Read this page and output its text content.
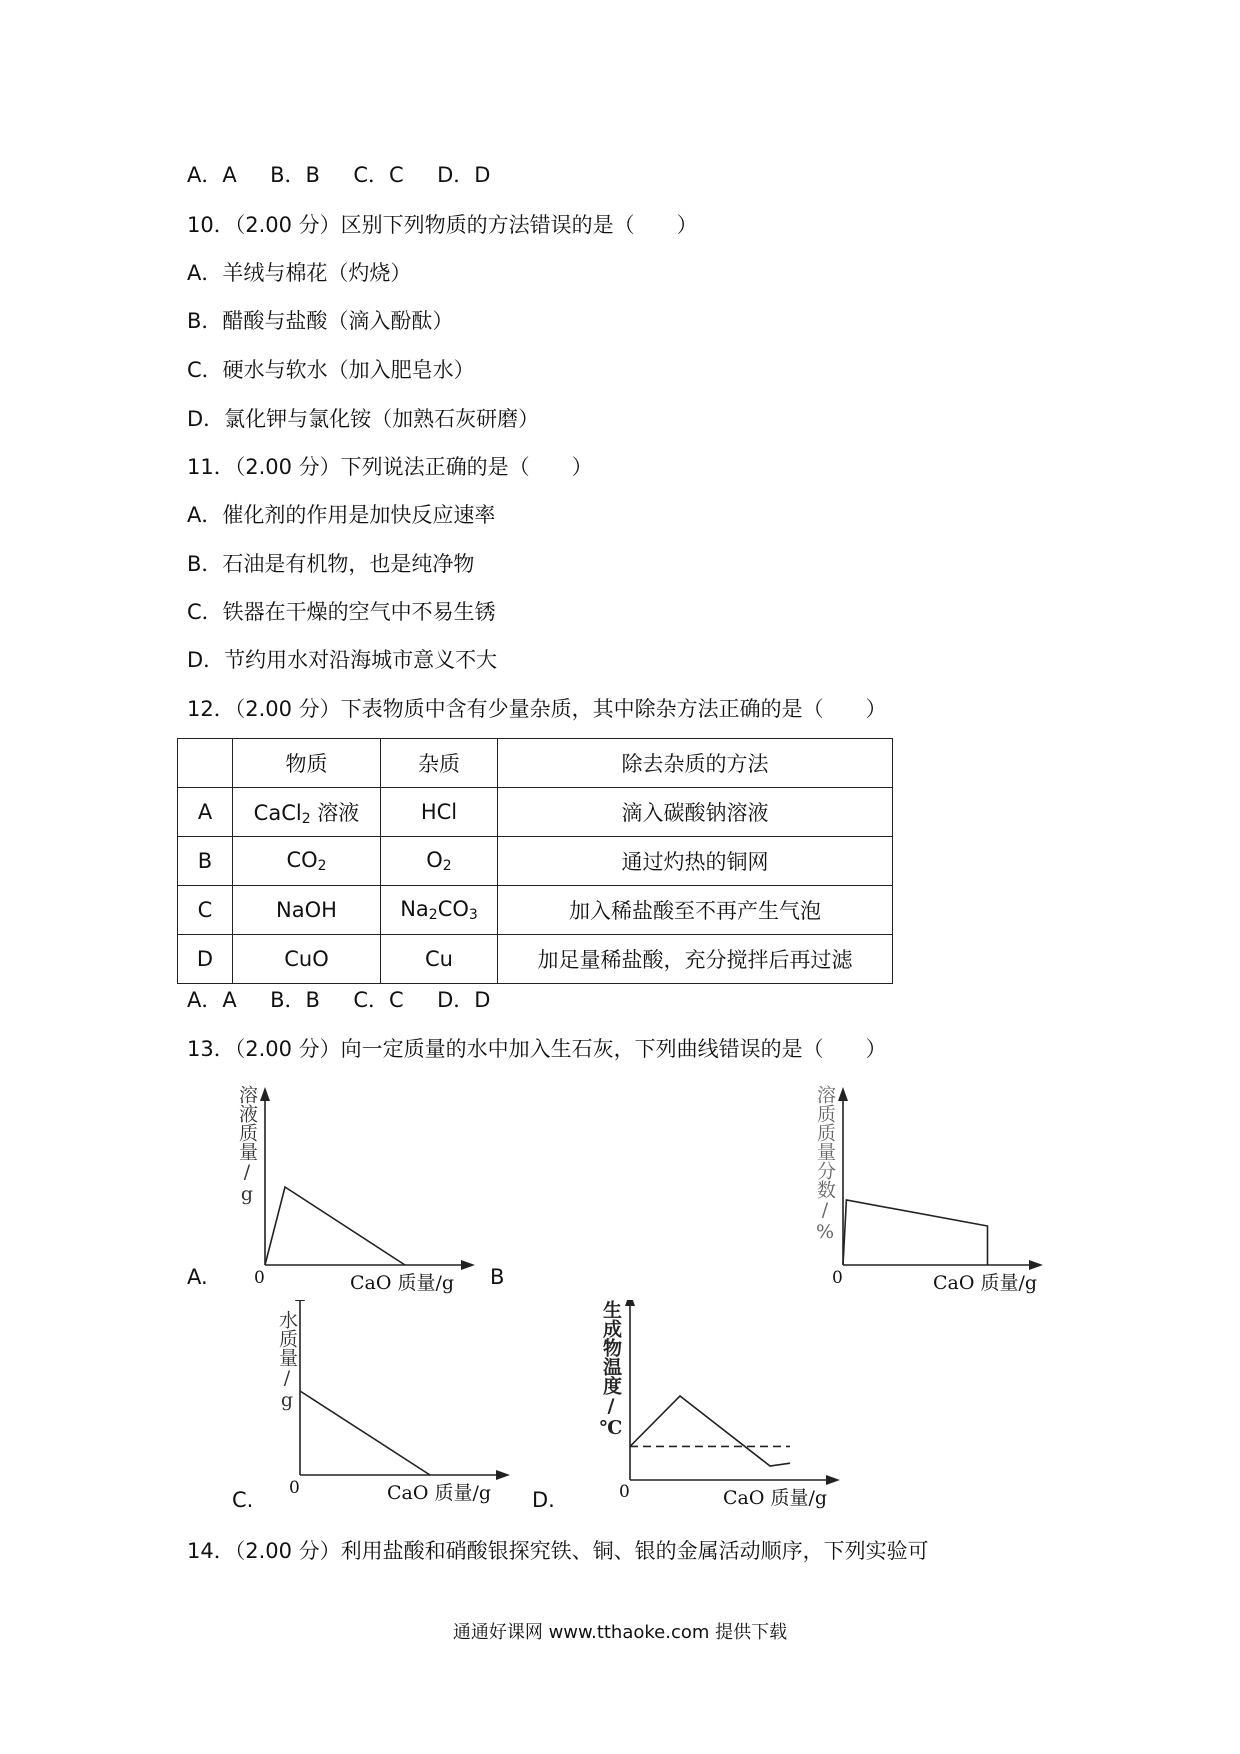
A．A B．B C．C D．D
10．（2.00 分）区别下列物质的方法错误的是（　　）
A．羊绒与棉花（灼烧）
B．醋酸与盐酸（滴入酚酞）
C．硬水与软水（加入肥皂水）
D．氯化钾与氯化铵（加熟石灰研磨）
11．（2.00 分）下列说法正确的是（　　）
A．催化剂的作用是加快反应速率
B．石油是有机物，也是纯净物
C．铁器在干燥的空气中不易生锈
D．节约用水对沿海城市意义不大
12．（2.00 分）下表物质中含有少量杂质，其中除杂方法正确的是（　　）
	物质	杂质	除去杂质的方法
A	CaCl$_2$ 溶液	HCl	滴入碳酸钠溶液
B	$CO_2$	$O_2$	通过灼热的铜网
C	NaOH	$Na_2CO_3$	加入稀盐酸至不再产生气泡
D	CuO	Cu	加足量稀盐酸，充分搅拌后再过滤
A．A B．B C．C D．D
13．（2.00 分）向一定质量的水中加入生石灰，下列曲线错误的是（　　）
溶液质量/g
0	CaO 质量/g
A.	B
溶质质量分数/%
0	CaO 质量/g
水质量/g
0	CaO 质量/g
C.
生成物温度/℃
0	CaO 质量/g
D.
14．（2.00 分）利用盐酸和硝酸银探究铁、铜、银的金属活动顺序，下列实验可
通通好课网 www.tthaoke.com 提供下载
